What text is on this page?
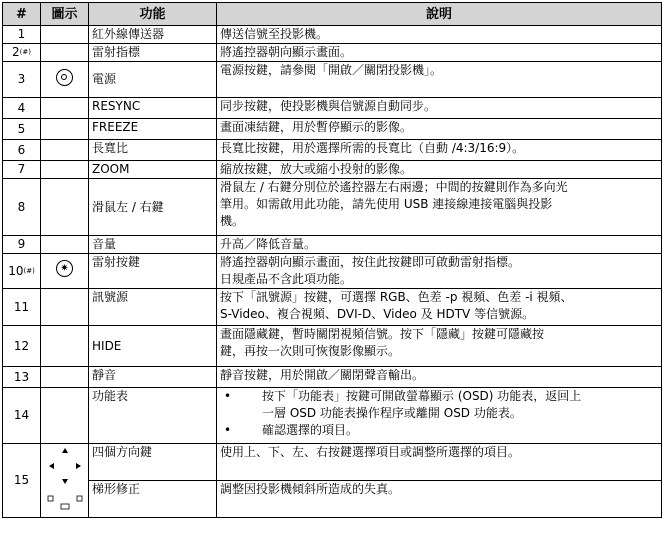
#	圖示	功能	說明
1		紅外線傳送器	傳送信號至投影機。

2(#)		雷射指標	將遙控器朝向顯示畫面。

3		電源	電源按鍵，請參閱「開啟／關閉投影機」。

4		RESYNC	同步按鍵，使投影機與信號源自動同步。

5		FREEZE	畫面凍結鍵，用於暫停顯示的影像。

6		長寬比	長寬比按鍵，用於選擇所需的長寬比（自動 /4:3/16:9）。

7		ZOOM	縮放按鍵，放大或縮小投射的影像。

8		滑鼠左 / 右鍵	滑鼠左 / 右鍵分別位於遙控器左右兩邊；中間的按鍵則作為多向光
筆用。如需啟用此功能，請先使用 USB 連接線連接電腦與投影
機。

9		音量	升高／降低音量。

10(#)	✷	雷射按鍵	將遙控器朝向顯示畫面，按住此按鍵即可啟動雷射指標。
日規產品不含此項功能。

11		訊號源	按下「訊號源」按鍵，可選擇 RGB、色差 -p 視頻、色差 -i 視頻、
S-Video、複合視頻、DVI-D、Video 及 HDTV 等信號源。

12		HIDE	畫面隱藏鍵，暫時關閉視頻信號。按下「隱藏」按鍵可隱藏按
鍵，再按一次則可恢復影像顯示。

13		靜音	靜音按鍵，用於開啟／關閉聲音輸出。

14		功能表	• 按下「功能表」按鍵可開啟螢幕顯示 (OSD) 功能表，返回上
一層 OSD 功能表操作程序或離開 OSD 功能表。
• 確認選擇的項目。

15		四個方向鍵	使用上、下、左、右按鍵選擇項目或調整所選擇的項目。

		梯形修正	調整因投影機傾斜所造成的失真。
